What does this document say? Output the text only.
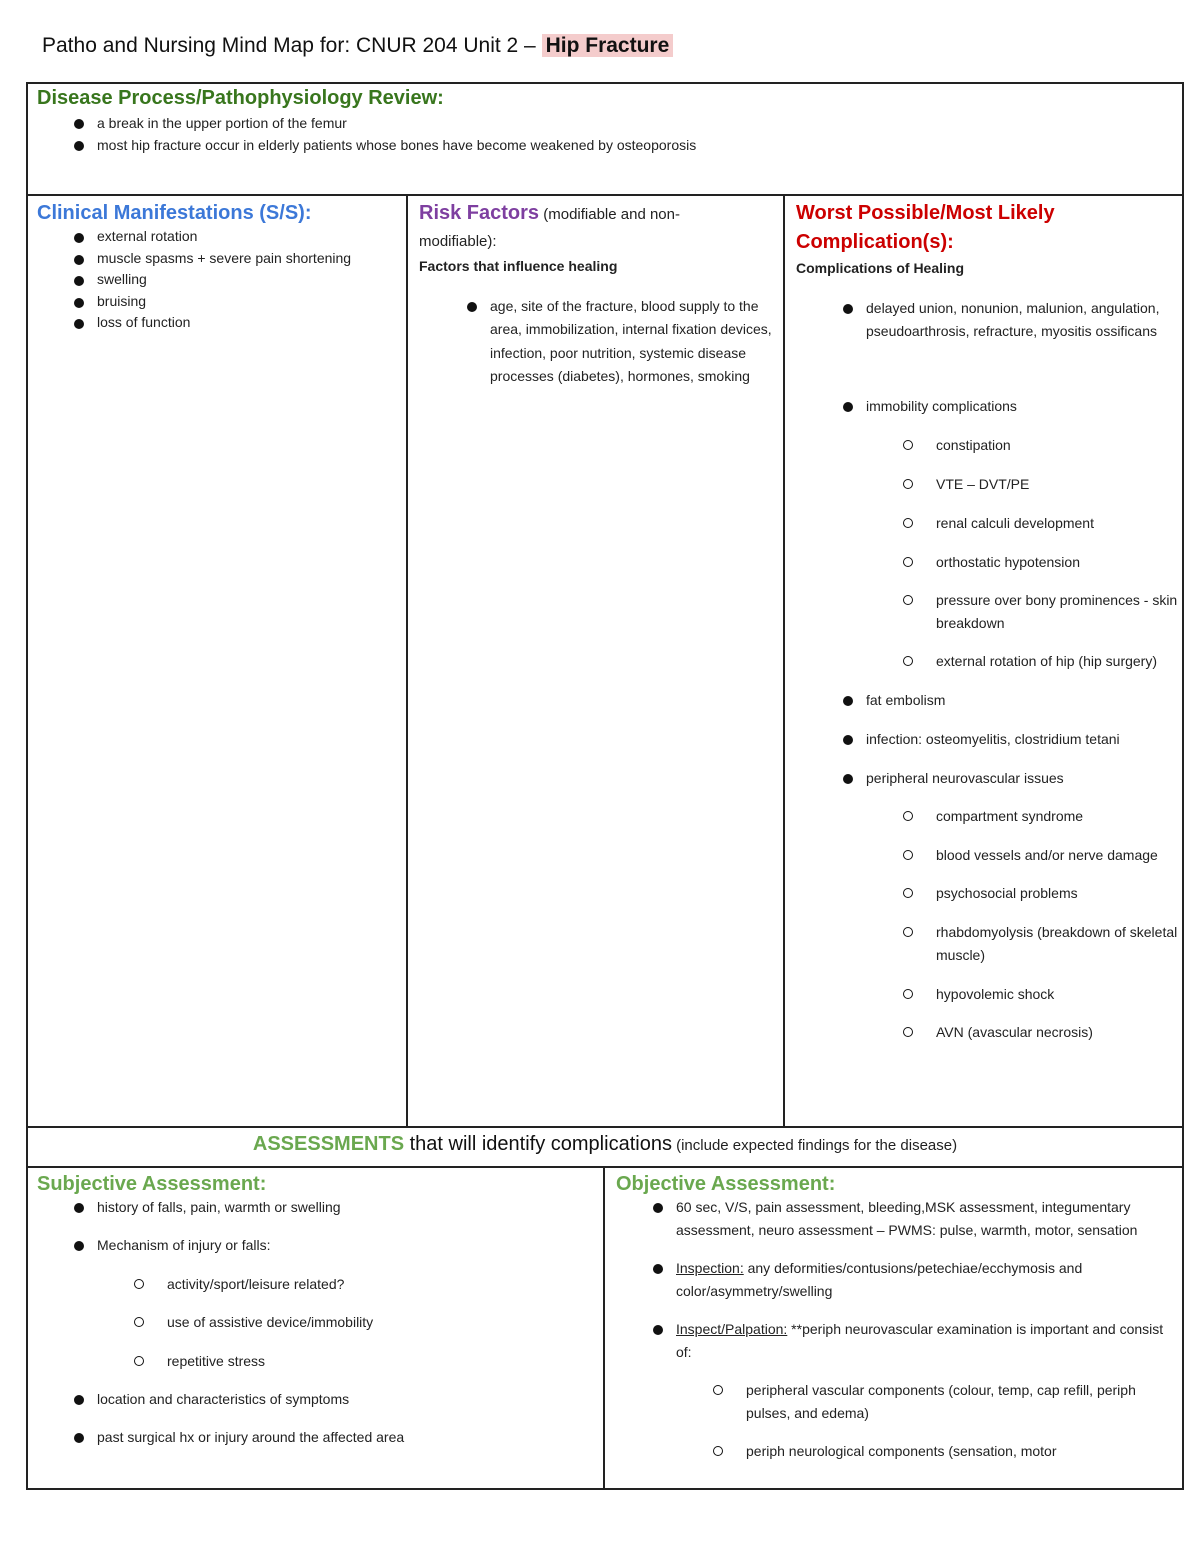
Patho and Nursing Mind Map for: CNUR 204 Unit 2 – Hip Fracture
Disease Process/Pathophysiology Review:
a break in the upper portion of the femur
most hip fracture occur in elderly patients whose bones have become weakened by osteoporosis
Clinical Manifestations (S/S):
external rotation
muscle spasms + severe pain shortening
swelling
bruising
loss of function
Risk Factors (modifiable and non-modifiable):
Factors that influence healing
age, site of the fracture, blood supply to the area, immobilization, internal fixation devices, infection, poor nutrition, systemic disease processes (diabetes), hormones, smoking
Worst Possible/Most Likely Complication(s):
Complications of Healing
delayed union, nonunion, malunion, angulation, pseudoarthrosis, refracture, myositis ossificans
immobility complications
constipation
VTE – DVT/PE
renal calculi development
orthostatic hypotension
pressure over bony prominences - skin breakdown
external rotation of hip (hip surgery)
fat embolism
infection: osteomyelitis, clostridium tetani
peripheral neurovascular issues
compartment syndrome
blood vessels and/or nerve damage
psychosocial problems
rhabdomyolysis (breakdown of skeletal muscle)
hypovolemic shock
AVN (avascular necrosis)
ASSESSMENTS that will identify complications (include expected findings for the disease)
Subjective Assessment:
history of falls, pain, warmth or swelling
Mechanism of injury or falls:
activity/sport/leisure related?
use of assistive device/immobility
repetitive stress
location and characteristics of symptoms
past surgical hx or injury around the affected area
Objective Assessment:
60 sec, V/S, pain assessment, bleeding,MSK assessment, integumentary assessment, neuro assessment – PWMS: pulse, warmth, motor, sensation
Inspection: any deformities/contusions/petechiae/ecchymosis and color/asymmetry/swelling
Inspect/Palpation: **periph neurovascular examination is important and consist of:
peripheral vascular components (colour, temp, cap refill, periph pulses, and edema)
periph neurological components (sensation, motor
